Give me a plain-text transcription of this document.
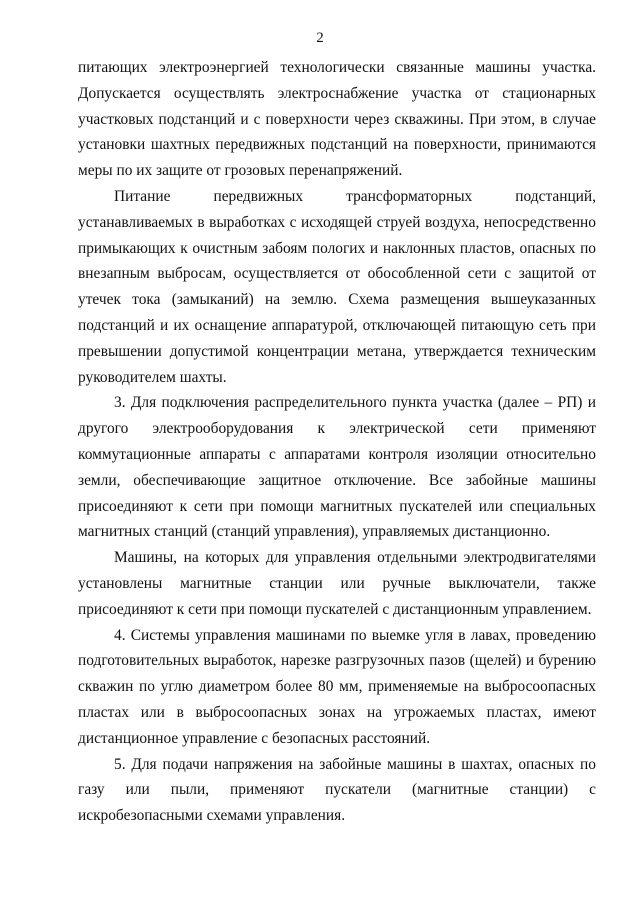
2

питающих электроэнергией технологически связанные машины участка. Допускается осуществлять электроснабжение участка от стационарных участковых подстанций и с поверхности через скважины. При этом, в случае установки шахтных передвижных подстанций на поверхности, принимаются меры по их защите от грозовых перенапряжений.

Питание передвижных трансформаторных подстанций, устанавливаемых в выработках с исходящей струей воздуха, непосредственно примыкающих к очистным забоям пологих и наклонных пластов, опасных по внезапным выбросам, осуществляется от обособленной сети с защитой от утечек тока (замыканий) на землю. Схема размещения вышеуказанных подстанций и их оснащение аппаратурой, отключающей питающую сеть при превышении допустимой концентрации метана, утверждается техническим руководителем шахты.

3. Для подключения распределительного пункта участка (далее – РП) и другого электрооборудования к электрической сети применяют коммутационные аппараты с аппаратами контроля изоляции относительно земли, обеспечивающие защитное отключение. Все забойные машины присоединяют к сети при помощи магнитных пускателей или специальных магнитных станций (станций управления), управляемых дистанционно.

Машины, на которых для управления отдельными электродвигателями установлены магнитные станции или ручные выключатели, также присоединяют к сети при помощи пускателей с дистанционным управлением.

4. Системы управления машинами по выемке угля в лавах, проведению подготовительных выработок, нарезке разгрузочных пазов (щелей) и бурению скважин по углю диаметром более 80 мм, применяемые на выбросоопасных пластах или в выбросоопасных зонах на угрожаемых пластах, имеют дистанционное управление с безопасных расстояний.

5. Для подачи напряжения на забойные машины в шахтах, опасных по газу или пыли, применяют пускатели (магнитные станции) с искробезопасными схемами управления.
